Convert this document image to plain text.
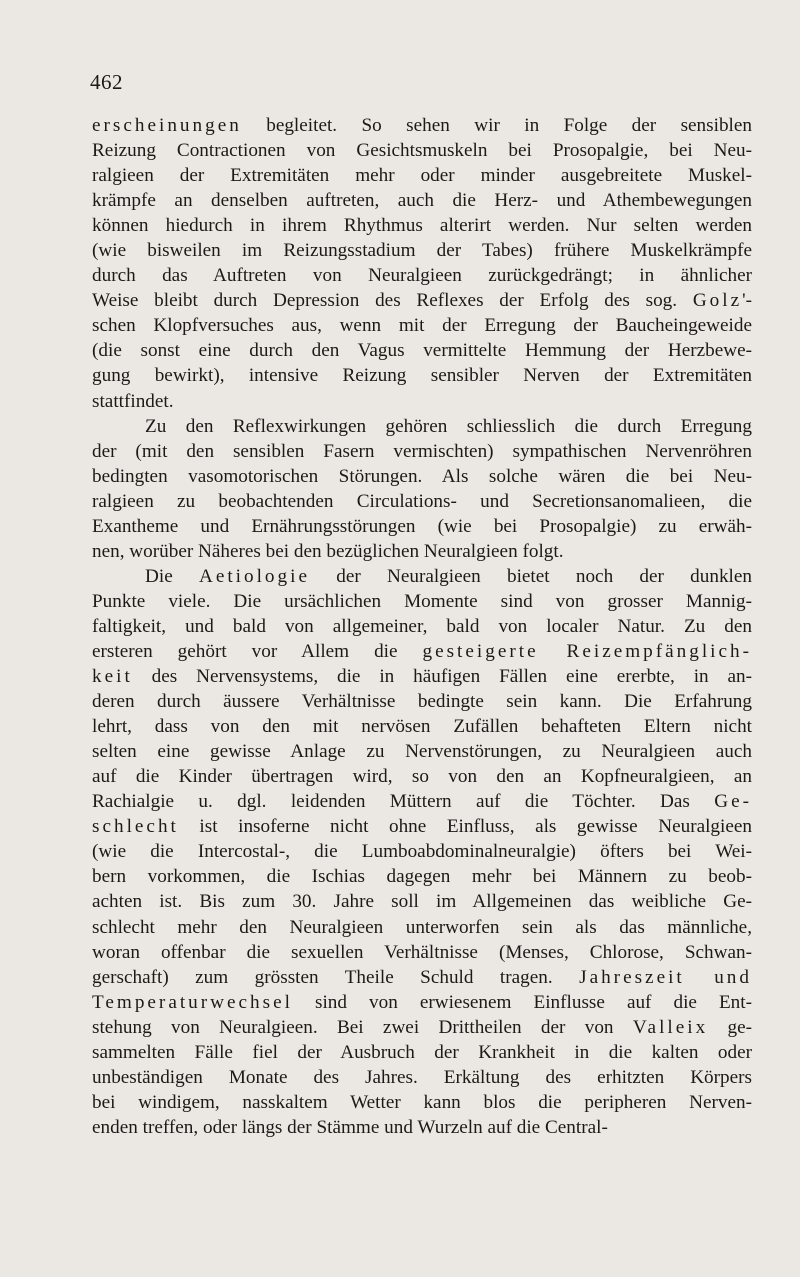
462
erscheinungen begleitet. So sehen wir in Folge der sensiblen
Reizung Contractionen von Gesichtsmuskeln bei Prosopalgie, bei Neu-
ralgieen der Extremitäten mehr oder minder ausgebreitete Muskel-
krämpfe an denselben auftreten, auch die Herz- und Athembewegungen
können hiedurch in ihrem Rhythmus alterirt werden. Nur selten werden
(wie bisweilen im Reizungsstadium der Tabes) frühere Muskelkrämpfe
durch das Auftreten von Neuralgieen zurückgedrängt; in ähnlicher
Weise bleibt durch Depression des Reflexes der Erfolg des sog. Golz'-
schen Klopfversuches aus, wenn mit der Erregung der Baucheingeweide
(die sonst eine durch den Vagus vermittelte Hemmung der Herzbewe-
gung bewirkt), intensive Reizung sensibler Nerven der Extremitäten
stattfindet.
Zu den Reflexwirkungen gehören schliesslich die durch Erregung
der (mit den sensiblen Fasern vermischten) sympathischen Nervenröhren
bedingten vasomotorischen Störungen. Als solche wären die bei Neu-
ralgieen zu beobachtenden Circulations- und Secretionsanomalieen, die
Exantheme und Ernährungsstörungen (wie bei Prosopalgie) zu erwäh-
nen, worüber Näheres bei den bezüglichen Neuralgieen folgt.
Die Aetiologie der Neuralgieen bietet noch der dunklen
Punkte viele. Die ursächlichen Momente sind von grosser Mannig-
faltigkeit, und bald von allgemeiner, bald von localer Natur. Zu den
ersteren gehört vor Allem die gesteigerte Reizempfänglich-
keit des Nervensystems, die in häufigen Fällen eine ererbte, in an-
deren durch äussere Verhältnisse bedingte sein kann. Die Erfahrung
lehrt, dass von den mit nervösen Zufällen behafteten Eltern nicht
selten eine gewisse Anlage zu Nervenstörungen, zu Neuralgieen auch
auf die Kinder übertragen wird, so von den an Kopfneuralgieen, an
Rachialgie u. dgl. leidenden Müttern auf die Töchter. Das Ge-
schlecht ist insoferne nicht ohne Einfluss, als gewisse Neuralgieen
(wie die Intercostal-, die Lumboabdominalneuralgie) öfters bei Wei-
bern vorkommen, die Ischias dagegen mehr bei Männern zu beob-
achten ist. Bis zum 30. Jahre soll im Allgemeinen das weibliche Ge-
schlecht mehr den Neuralgieen unterworfen sein als das männliche,
woran offenbar die sexuellen Verhältnisse (Menses, Chlorose, Schwan-
gerschaft) zum grössten Theile Schuld tragen. Jahreszeit und
Temperaturwechsel sind von erwiesenem Einflusse auf die Ent-
stehung von Neuralgieen. Bei zwei Drittheilen der von Valleix ge-
sammelten Fälle fiel der Ausbruch der Krankheit in die kalten oder
unbeständigen Monate des Jahres. Erkältung des erhitzten Körpers
bei windigem, nasskaltem Wetter kann blos die peripheren Nerven-
enden treffen, oder längs der Stämme und Wurzeln auf die Central-
